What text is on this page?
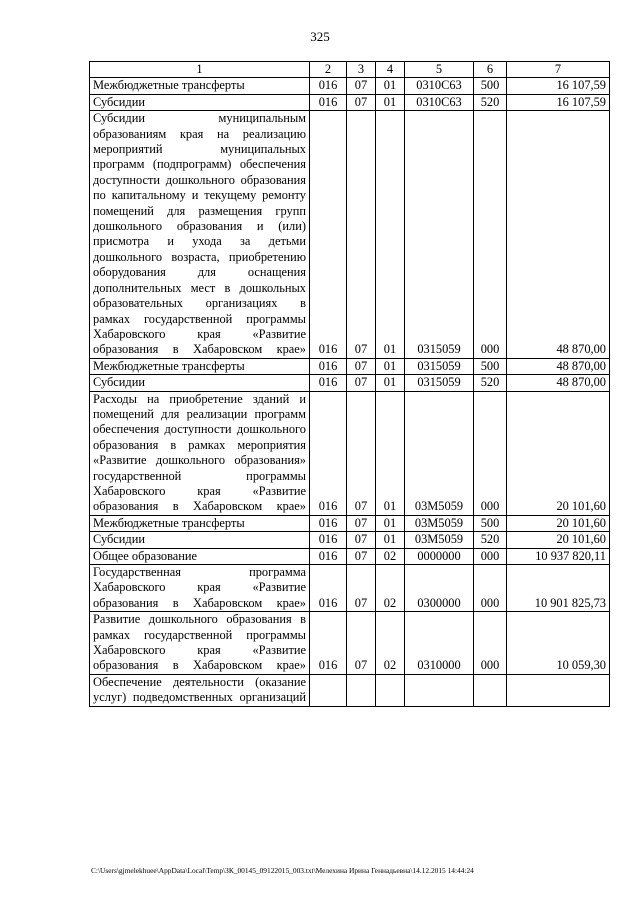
325
1	2	3	4	5	6	7
Межбюджетные трансферты	016	07	01	0310С63	500	16 107,59
Субсидии	016	07	01	0310С63	520	16 107,59
Субсидии муниципальным образованиям края на реализацию мероприятий муниципальных программ (подпрограмм) обеспечения доступности дошкольного образования по капитальному и текущему ремонту помещений для размещения групп дошкольного образования и (или) присмотра и ухода за детьми дошкольного возраста, приобретению оборудования для оснащения дополнительных мест в дошкольных образовательных организациях в рамках государственной программы Хабаровского края «Развитие образования в Хабаровском крае»	016	07	01	0315059	000	48 870,00
Межбюджетные трансферты	016	07	01	0315059	500	48 870,00
Субсидии	016	07	01	0315059	520	48 870,00
Расходы на приобретение зданий и помещений для реализации программ обеспечения доступности дошкольного образования в рамках мероприятия «Развитие дошкольного образования» государственной программы Хабаровского края «Развитие образования в Хабаровском крае»	016	07	01	03М5059	000	20 101,60
Межбюджетные трансферты	016	07	01	03М5059	500	20 101,60
Субсидии	016	07	01	03М5059	520	20 101,60
Общее образование	016	07	02	0000000	000	10 937 820,11
Государственная программа Хабаровского края «Развитие образования в Хабаровском крае»	016	07	02	0300000	000	10 901 825,73
Развитие дошкольного образования в рамках государственной программы Хабаровского края «Развитие образования в Хабаровском крае»	016	07	02	0310000	000	10 059,30
Обеспечение деятельности (оказание услуг) подведомственных организаций						
C:\Users\gjmelekhuee\AppData\Local\Temp\ЗК_00145_09122015_003.txt\Мелехина Ирина Геннадьевна\14.12.2015 14:44:24
